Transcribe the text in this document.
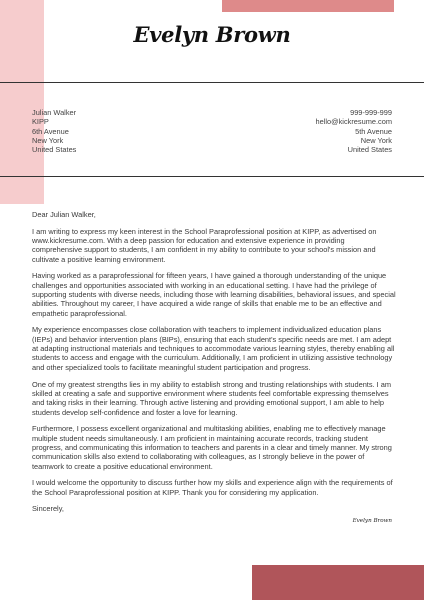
Evelyn Brown
Julian Walker
KIPP
6th Avenue
New York
United States
999-999-999
hello@kickresume.com
5th Avenue
New York
United States

Dear Julian Walker,

I am writing to express my keen interest in the School Paraprofessional position at KIPP, as advertised on www.kickresume.com. With a deep passion for education and extensive experience in providing comprehensive support to students, I am confident in my ability to contribute to your school's mission and cultivate a positive learning environment.

Having worked as a paraprofessional for fifteen years, I have gained a thorough understanding of the unique challenges and opportunities associated with working in an educational setting. I have had the privilege of supporting students with diverse needs, including those with learning disabilities, behavioral issues, and special abilities. Throughout my career, I have acquired a wide range of skills that enable me to be an effective and empathetic paraprofessional.

My experience encompasses close collaboration with teachers to implement individualized education plans (IEPs) and behavior intervention plans (BIPs), ensuring that each student's specific needs are met. I am adept at adapting instructional materials and techniques to accommodate various learning styles, thereby enabling all students to access and engage with the curriculum. Additionally, I am proficient in utilizing assistive technology and other specialized tools to facilitate meaningful student participation and progress.

One of my greatest strengths lies in my ability to establish strong and trusting relationships with students. I am skilled at creating a safe and supportive environment where students feel comfortable expressing themselves and taking risks in their learning. Through active listening and providing emotional support, I am able to help students develop self-confidence and foster a love for learning.

Furthermore, I possess excellent organizational and multitasking abilities, enabling me to effectively manage multiple student needs simultaneously. I am proficient in maintaining accurate records, tracking student progress, and communicating this information to teachers and parents in a clear and timely manner. My strong communication skills also extend to collaborating with colleagues, as I strongly believe in the power of teamwork to create a positive educational environment.

I would welcome the opportunity to discuss further how my skills and experience align with the requirements of the School Paraprofessional position at KIPP. Thank you for considering my application.

Sincerely,

Evelyn Brown
